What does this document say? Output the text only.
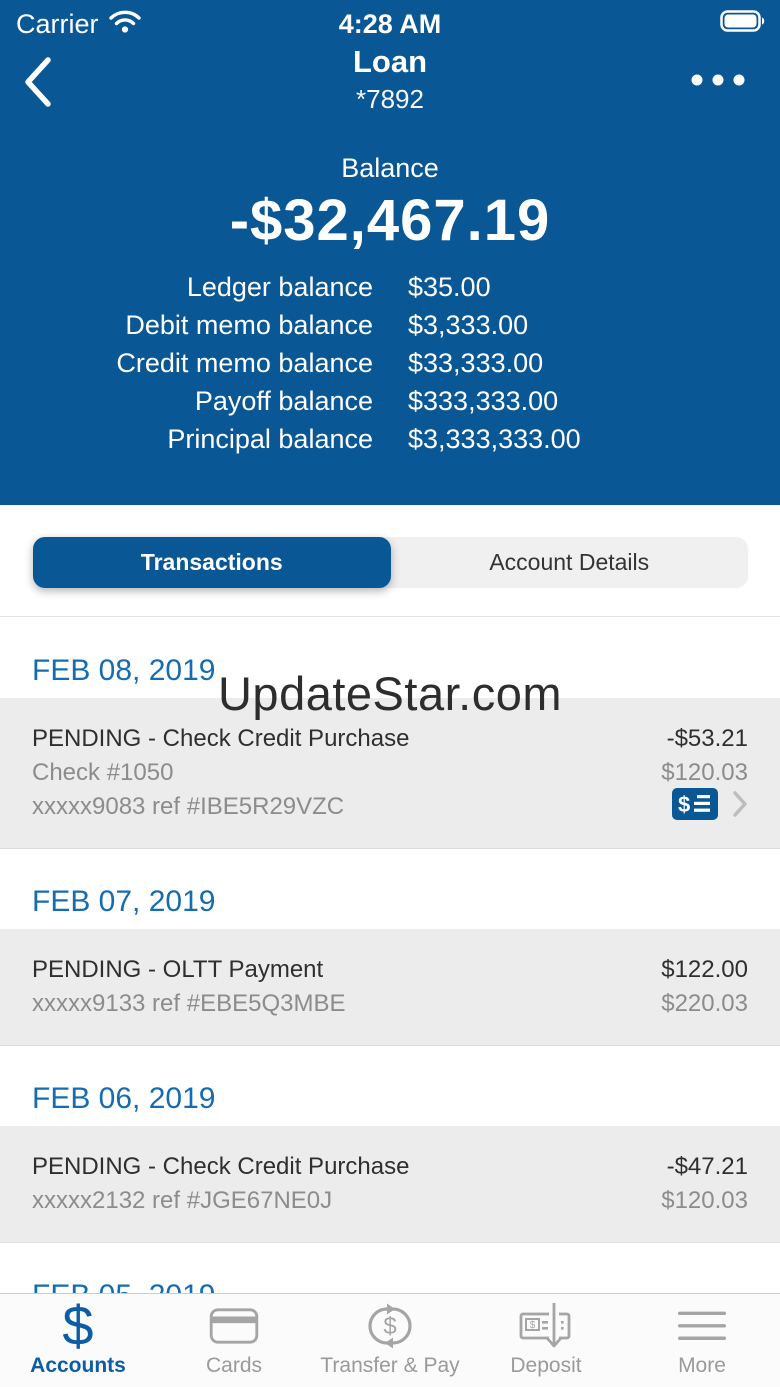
Carrier	4:28 AM
Loan
*7892
Balance
-$32,467.19
Ledger balance $35.00
Debit memo balance $3,333.00
Credit memo balance $33,333.00
Payoff balance $333,333.00
Principal balance $3,333,333.00
Transactions	Account Details
FEB 08, 2019
PENDING - Check Credit Purchase	-$53.21
Check #1050	$120.03
xxxxx9083 ref #IBE5R29VZC	$
FEB 07, 2019
PENDING - OLTT Payment	$122.00
xxxxx9133 ref #EBE5Q3MBE	$220.03
FEB 06, 2019
PENDING - Check Credit Purchase	-$47.21
xxxxx2132 ref #JGE67NE0J	$120.03
UpdateStar.com
$
Accounts	Cards
$
Transfer & Pay
$
Deposit	More
